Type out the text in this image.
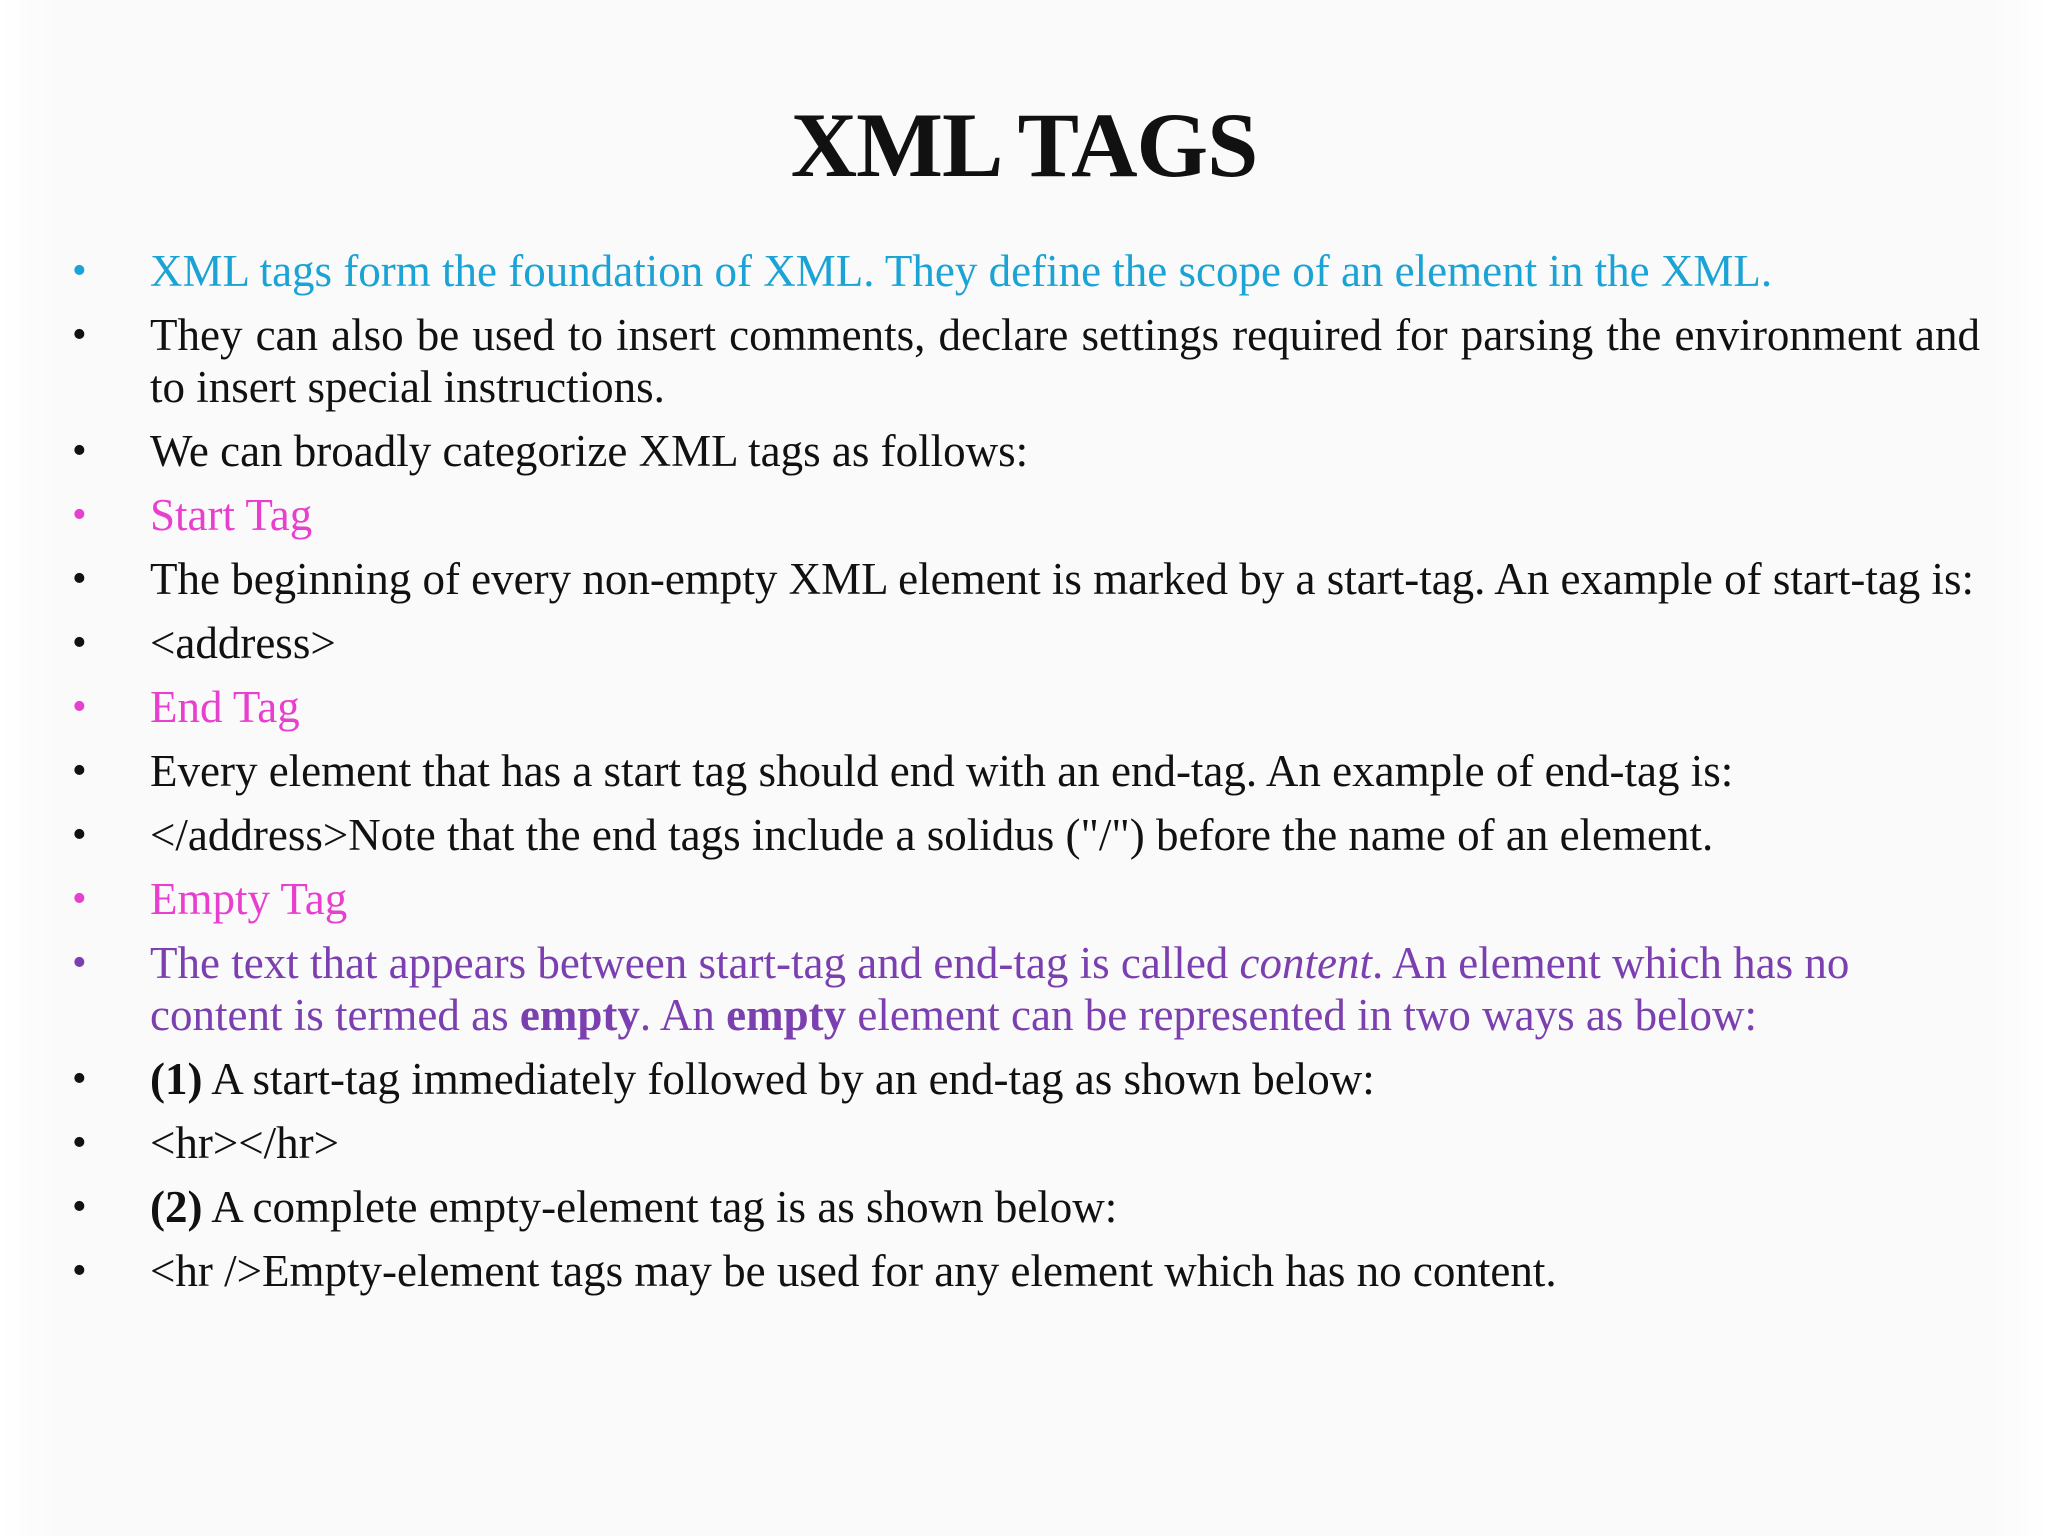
XML TAGS
• XML tags form the foundation of XML. They define the scope of an element in the XML.
• They can also be used to insert comments, declare settings required for parsing the environment and to insert special instructions.
• We can broadly categorize XML tags as follows:
• Start Tag
• The beginning of every non-empty XML element is marked by a start-tag. An example of start-tag is:
• <address>
• End Tag
• Every element that has a start tag should end with an end-tag. An example of end-tag is:
• </address>Note that the end tags include a solidus ("/") before the name of an element.
• Empty Tag
• The text that appears between start-tag and end-tag is called content. An element which has no content is termed as empty. An empty element can be represented in two ways as below:
• (1) A start-tag immediately followed by an end-tag as shown below:
• <hr></hr>
• (2) A complete empty-element tag is as shown below:
• <hr />Empty-element tags may be used for any element which has no content.
